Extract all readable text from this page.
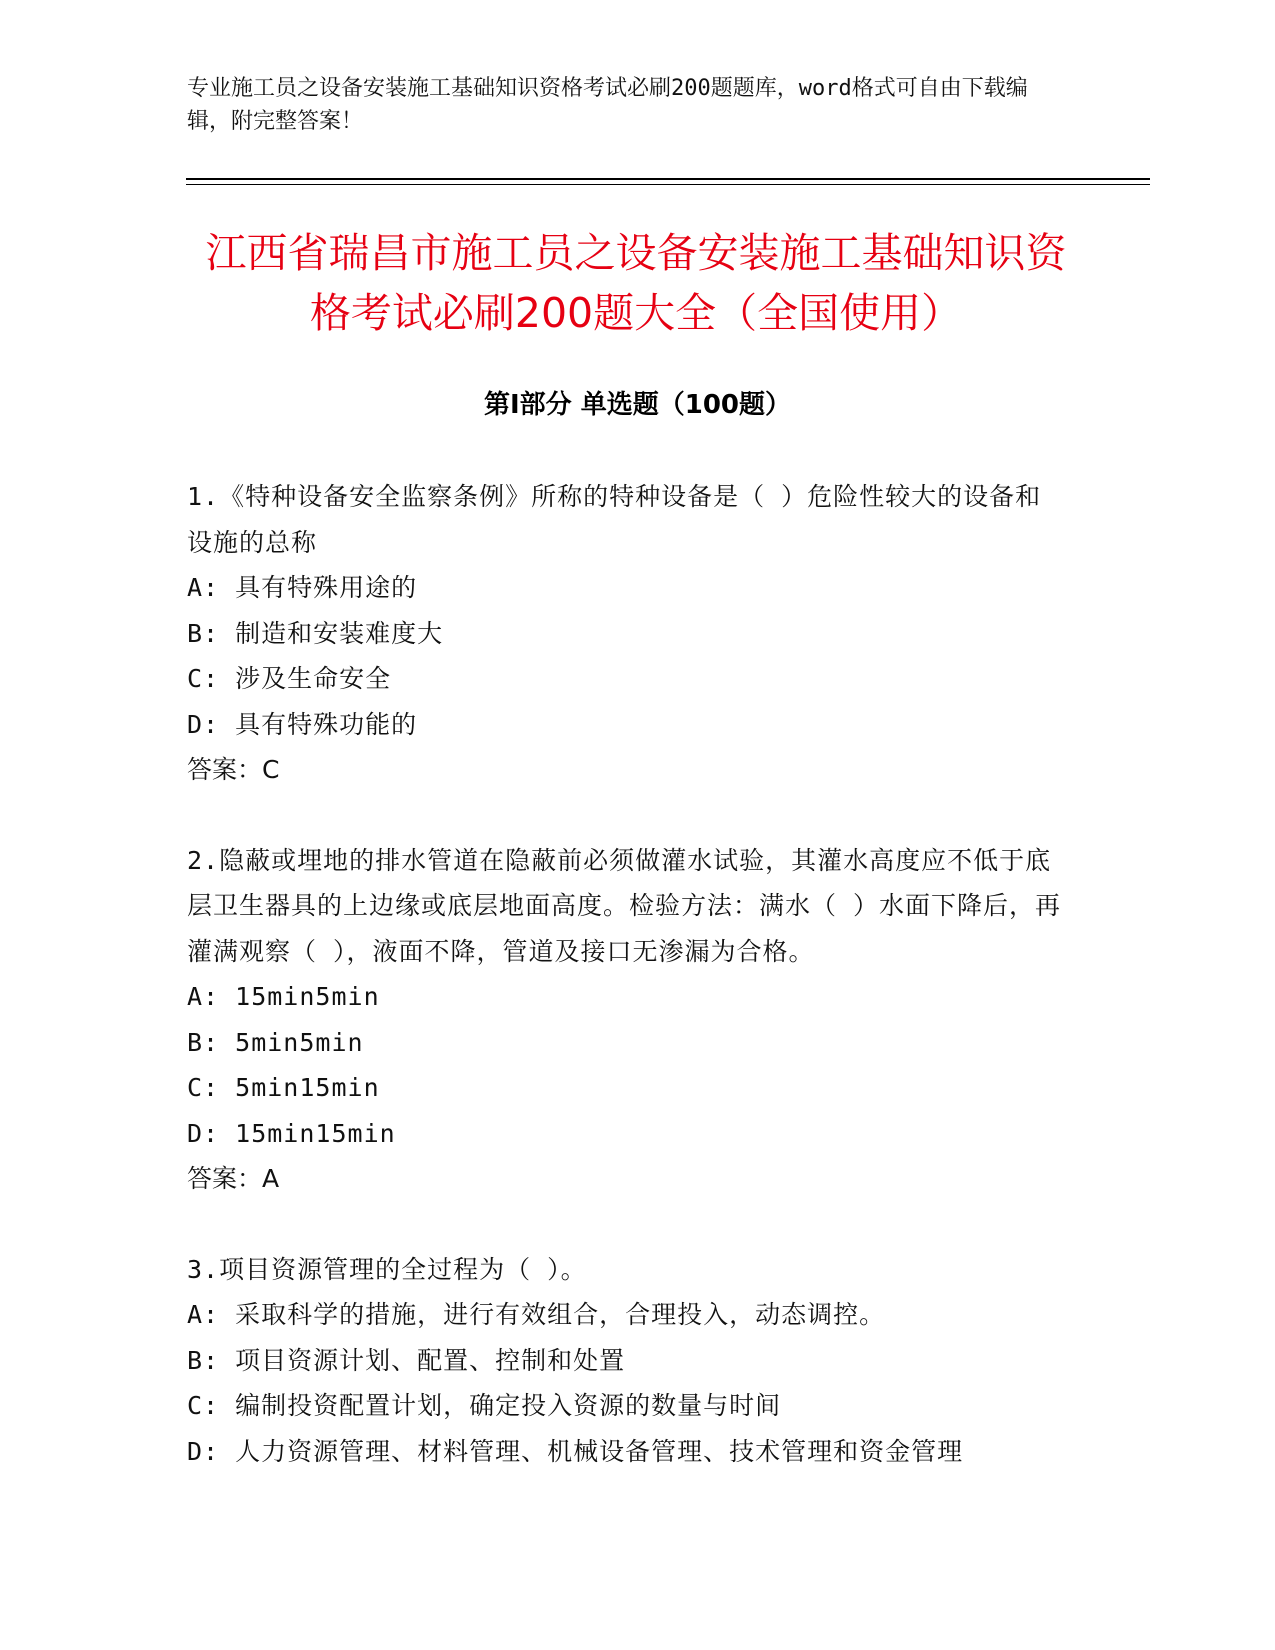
专业施工员之设备安装施工基础知识资格考试必刷200题题库，word格式可自由下载编辑，附完整答案！
江西省瑞昌市施工员之设备安装施工基础知识资格考试必刷200题大全（全国使用）
第Ⅰ部分 单选题（100题）
1.《特种设备安全监察条例》所称的特种设备是（ ）危险性较大的设备和设施的总称
A: 具有特殊用途的
B: 制造和安装难度大
C: 涉及生命安全
D: 具有特殊功能的
答案：C
2.隐蔽或埋地的排水管道在隐蔽前必须做灌水试验，其灌水高度应不低于底层卫生器具的上边缘或底层地面高度。检验方法：满水（ ）水面下降后，再灌满观察（ ），液面不降，管道及接口无渗漏为合格。
A: 15min5min
B: 5min5min
C: 5min15min
D: 15min15min
答案：A
3.项目资源管理的全过程为（ ）。
A: 采取科学的措施，进行有效组合，合理投入，动态调控。
B: 项目资源计划、配置、控制和处置
C: 编制投资配置计划，确定投入资源的数量与时间
D: 人力资源管理、材料管理、机械设备管理、技术管理和资金管理
